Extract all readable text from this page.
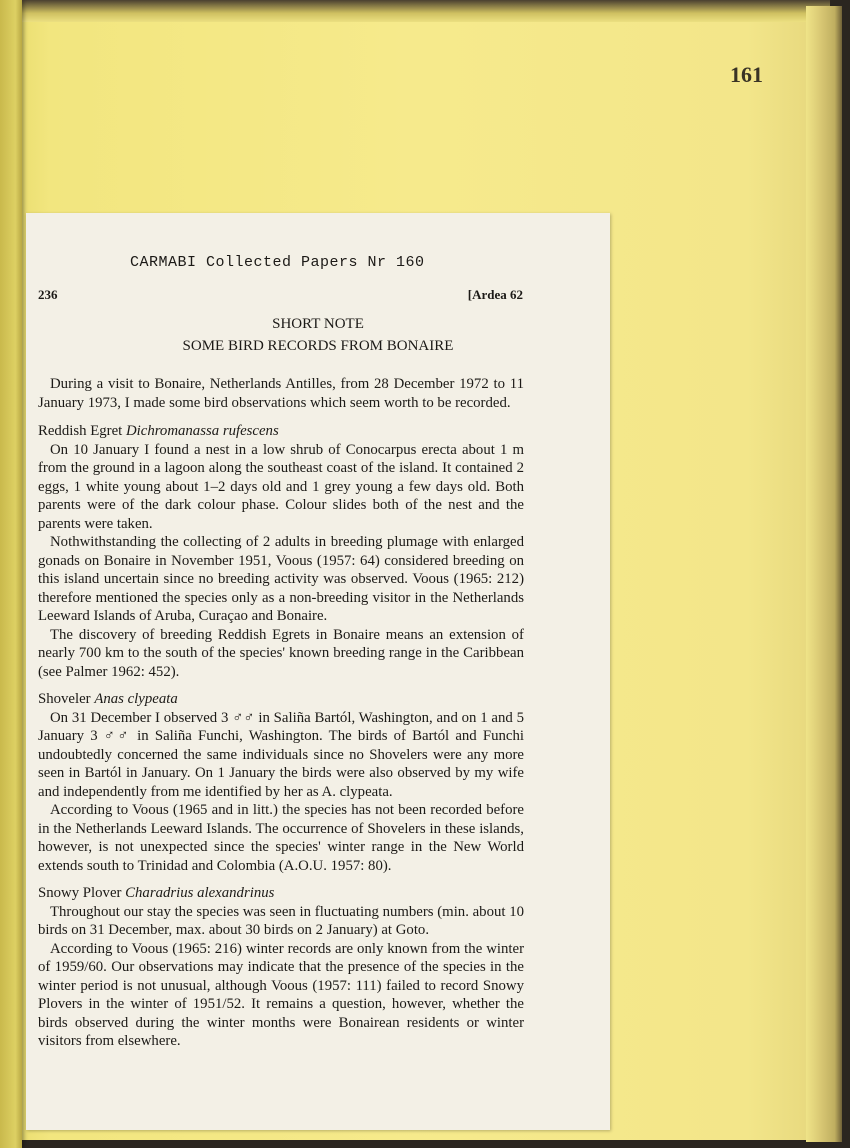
161
CARMABI Collected Papers Nr 160
236	[Ardea 62
SHORT NOTE
SOME BIRD RECORDS FROM BONAIRE

During a visit to Bonaire, Netherlands Antilles, from 28 December 1972 to 11 January 1973, I made some bird observations which seem worth to be recorded.

Reddish Egret Dichromanassa rufescens

On 10 January I found a nest in a low shrub of Conocarpus erecta about 1 m from the ground in a lagoon along the southeast coast of the island. It contained 2 eggs, 1 white young about 1–2 days old and 1 grey young a few days old. Both parents were of the dark colour phase. Colour slides both of the nest and the parents were taken.

Nothwithstanding the collecting of 2 adults in breeding plumage with enlarged gonads on Bonaire in November 1951, Voous (1957: 64) considered breeding on this island uncertain since no breeding activity was observed. Voous (1965: 212) therefore mentioned the species only as a non-breeding visitor in the Netherlands Leeward Islands of Aruba, Curaçao and Bonaire.

The discovery of breeding Reddish Egrets in Bonaire means an extension of nearly 700 km to the south of the species' known breeding range in the Caribbean (see Palmer 1962: 452).

Shoveler Anas clypeata

On 31 December I observed 3 ♂♂ in Saliña Bartól, Washington, and on 1 and 5 January 3 ♂♂ in Saliña Funchi, Washington. The birds of Bartól and Funchi undoubtedly concerned the same individuals since no Shovelers were any more seen in Bartól in January. On 1 January the birds were also observed by my wife and independently from me identified by her as A. clypeata.

According to Voous (1965 and in litt.) the species has not been recorded before in the Netherlands Leeward Islands. The occurrence of Shovelers in these islands, however, is not unexpected since the species' winter range in the New World extends south to Trinidad and Colombia (A.O.U. 1957: 80).

Snowy Plover Charadrius alexandrinus

Throughout our stay the species was seen in fluctuating numbers (min. about 10 birds on 31 December, max. about 30 birds on 2 January) at Goto.

According to Voous (1965: 216) winter records are only known from the winter of 1959/60. Our observations may indicate that the presence of the species in the winter period is not unusual, although Voous (1957: 111) failed to record Snowy Plovers in the winter of 1951/52. It remains a question, however, whether the birds observed during the winter months were Bonairean residents or winter visitors from elsewhere.
